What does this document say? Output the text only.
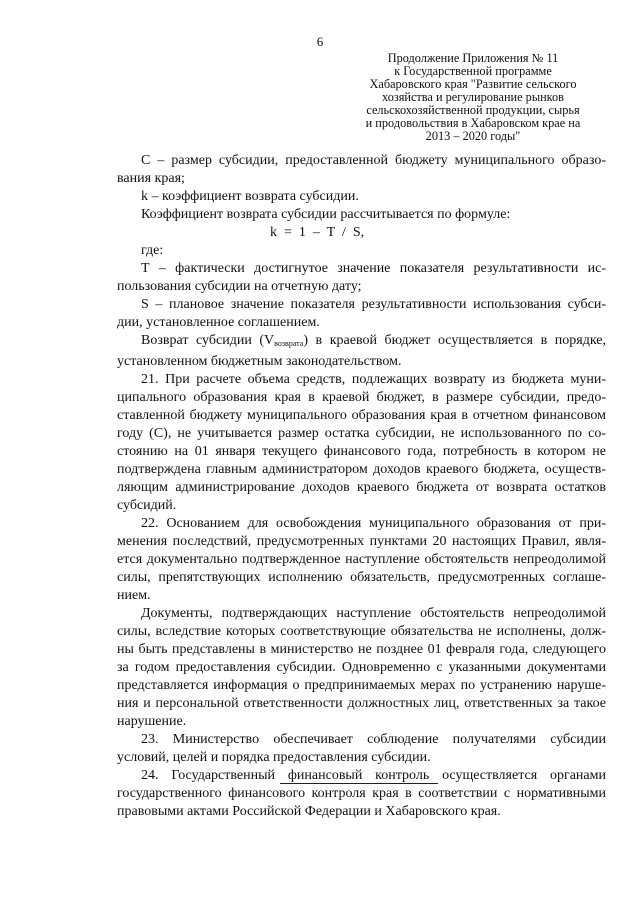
6
Продолжение Приложения № 11
к Государственной программе
Хабаровского края "Развитие сельского
хозяйства и регулирование рынков
сельскохозяйственной продукции, сырья
и продовольствия в Хабаровском крае на
2013 – 2020 годы"
С – размер субсидии, предоставленной бюджету муниципального образо-
вания края;
k – коэффициент возврата субсидии.
Коэффициент возврата субсидии рассчитывается по формуле:
k  =  1  –  T  /  S,
где:
Т – фактически достигнутое значение показателя результативности ис-
пользования субсидии на отчетную дату;
S – плановое значение показателя результативности использования субси-
дии, установленное соглашением.
Возврат субсидии $(V_{возврата})$ в краевой бюджет осуществляется в порядке,
установленном бюджетным законодательством.
21. При расчете объема средств, подлежащих возврату из бюджета муни-
ципального образования края в краевой бюджет, в размере субсидии, предо-
ставленной бюджету муниципального образования края в отчетном финансовом
году (С), не учитывается размер остатка субсидии, не использованного по со-
стоянию на 01 января текущего финансового года, потребность в котором не
подтверждена главным администратором доходов краевого бюджета, осуществ-
ляющим администрирование доходов краевого бюджета от возврата остатков
субсидий.
22. Основанием для освобождения муниципального образования от при-
менения последствий, предусмотренных пунктами 20 настоящих Правил, явля-
ется документально подтвержденное наступление обстоятельств непреодолимой
силы, препятствующих исполнению обязательств, предусмотренных соглаше-
нием.
Документы, подтверждающих наступление обстоятельств непреодолимой
силы, вследствие которых соответствующие обязательства не исполнены, долж-
ны быть представлены в министерство не позднее 01 февраля года, следующего
за годом предоставления субсидии. Одновременно с указанными документами
представляется информация о предпринимаемых мерах по устранению наруше-
ния и персональной ответственности должностных лиц, ответственных за такое
нарушение.
23. Министерство обеспечивает соблюдение получателями субсидии
условий, целей и порядка предоставления субсидии.
24. Государственный финансовый контроль осуществляется органами
государственного финансового контроля края в соответствии с нормативными
правовыми актами Российской Федерации и Хабаровского края.
